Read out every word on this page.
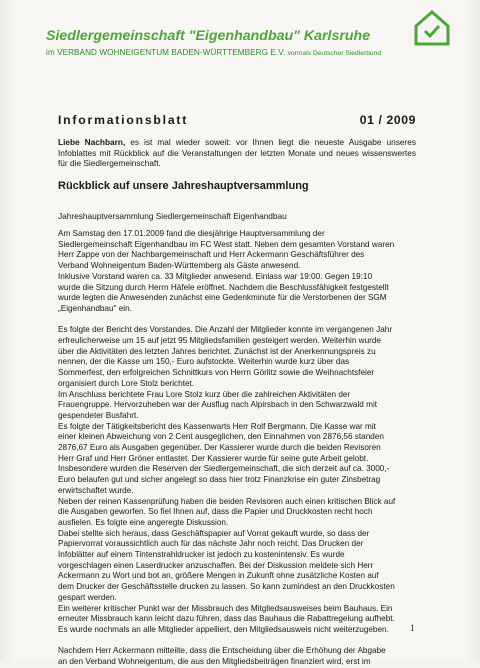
Siedlergemeinschaft "Eigenhandbau" Karlsruhe
im VERBAND WOHNEIGENTUM BADEN-WÜRTTEMBERG E.V. vormals Deutscher Siedlerbund
Informationsblatt	01 / 2009
Liebe Nachbarn, es ist mal wieder soweit: vor Ihnen liegt die neueste Ausgabe unseres Infoblattes mit Rückblick auf die Veranstaltungen der letzten Monate und neues wissenswertes für die Siedlergemeinschaft.
Rückblick auf unsere Jahreshauptversammlung
Jahreshauptversammlung Siedlergemeinschaft Eigenhandbau
Am Samstag den 17.01.2009 fand die diesjährige Hauptversammlung der
Siedlergemeinschaft Eigenhandbau im FC West statt. Neben dem gesamten Vorstand waren
Herr Zappe von der Nachbargemeinschaft und Herr Ackermann Geschäftsführer des
Verband Wohneigentum Baden-Württemberg als Gäste anwesend.
Inklusive Vorstand waren ca. 33 Mitglieder anwesend. Einlass war 19:00. Gegen 19:10
wurde die Sitzung durch Herrn Häfele eröffnet. Nachdem die Beschlussfähigkeit festgestellt
wurde legten die Anwesenden zunächst eine Gedenkminute für die Verstorbenen der SGM
„Eigenhandbau" ein.
Es folgte der Bericht des Vorstandes. Die Anzahl der Mitglieder konnte im vergangenen Jahr
erfreulicherweise um 15 auf jetzt 95 Mitgliedsfamilien gesteigert werden. Weiterhin wurde
über die Aktivitäten des letzten Jahres berichtet. Zunächst ist der Anerkennungspreis zu
nennen, der die Kasse um 150,- Euro aufstockte. Weiterhin wurde kurz über das
Sommerfest, den erfolgreichen Schnittkurs von Herrn Görlitz sowie die Weihnachtsfeier
organisiert durch Lore Stolz berichtet.
Im Anschluss berichtete Frau Lore Stolz kurz über die zahlreichen Aktivitäten der
Frauengruppe. Hervorzuheben war der Ausflug nach Alpirsbach in den Schwarzwald mit
gespendeter Busfahrt.
Es folgte der Tätigkeitsbericht des Kassenwarts Herr Rolf Bergmann. Die Kasse war mit
einer kleinen Abweichung von 2 Cent ausgeglichen, den Einnahmen von 2876,56 standen
2876,67 Euro als Ausgaben gegenüber. Der Kassierer wurde durch die beiden Revisoren
Herr Graf und Herr Gröner entlastet. Der Kassierer wurde für seine gute Arbeit gelobt.
Insbesondere wurden die Reserven der Siedlergemeinschaft, die sich derzeit auf ca. 3000,-
Euro belaufen gut und sicher angelegt so dass hier trotz Finanzkrise ein guter Zinsbetrag
erwirtschaftet wurde.
Neben der reinen Kassenprüfung haben die beiden Revisoren auch einen kritischen Blick auf
die Ausgaben geworfen. So fiel Ihnen auf, dass die Papier und Druckkosten recht hoch
ausfielen. Es folgte eine angeregte Diskussion.
Dabei stellte sich heraus, dass Geschäftspapier auf Vorrat gekauft wurde, so dass der
Papiervorrat voraussichtlich auch für das nächste Jahr noch reicht. Das Drucken der
Infoblätter auf einem Tintenstrahldrucker ist jedoch zu kostenintensiv. Es wurde
vorgeschlagen einen Laserdrucker anzuschaffen. Bei der Diskussion meldete sich Herr
Ackermann zu Wort und bot an, größere Mengen in Zukunft ohne zusätzliche Kosten auf
dem Drucker der Geschäftsstelle drucken zu lassen. So kann zumindest an den Druckkosten
gespart werden.
Ein weiterer kritischer Punkt war der Missbrauch des Mitgliedsausweises beim Bauhaus. Ein
erneuter Missbrauch kann leicht dazu führen, dass das Bauhaus die Rabattregelung aufhebt.
Es wurde nochmals an alle Mitglieder appelliert, den Mitgliedsausweis nicht weiterzugeben.
Nachdem Herr Ackermann mitteilte, dass die Entscheidung über die Erhöhung der Abgabe
an den Verband Wohneigentum, die aus den Mitgliedsbeiträgen finanziert wird, erst im
1
